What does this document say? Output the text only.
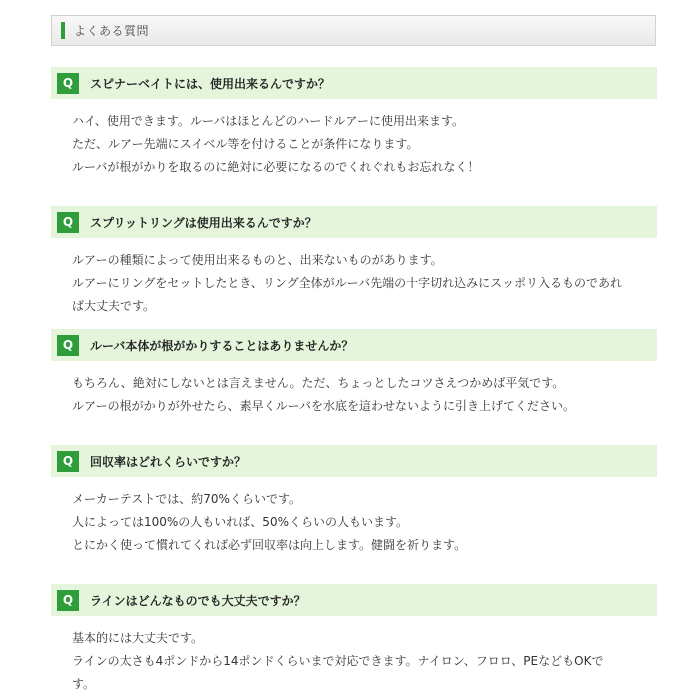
よくある質問
Q	スピナーベイトには、使用出来るんですか？
ハイ、使用できます。ルーバはほとんどのハードルアーに使用出来ます。
ただ、ルアー先端にスイベル等を付けることが条件になります。
ルーバが根がかりを取るのに絶対に必要になるのでくれぐれもお忘れなく！
Q	スプリットリングは使用出来るんですか？
ルアーの種類によって使用出来るものと、出来ないものがあります。
ルアーにリングをセットしたとき、リング全体がルーバ先端の十字切れ込みにスッポリ入るものであれ
ば大丈夫です。
Q	ルーバ本体が根がかりすることはありませんか？
もちろん、絶対にしないとは言えません。ただ、ちょっとしたコツさえつかめば平気です。
ルアーの根がかりが外せたら、素早くルーバを水底を這わせないように引き上げてください。
Q	回収率はどれくらいですか？
メーカーテストでは、約70%くらいです。
人によっては100%の人もいれば、50%くらいの人もいます。
とにかく使って慣れてくれば必ず回収率は向上します。健闘を祈ります。
Q	ラインはどんなものでも大丈夫ですか？
基本的には大丈夫です。
ラインの太さも4ポンドから14ポンドくらいまで対応できます。ナイロン、フロロ、PEなどもOKで
す。
